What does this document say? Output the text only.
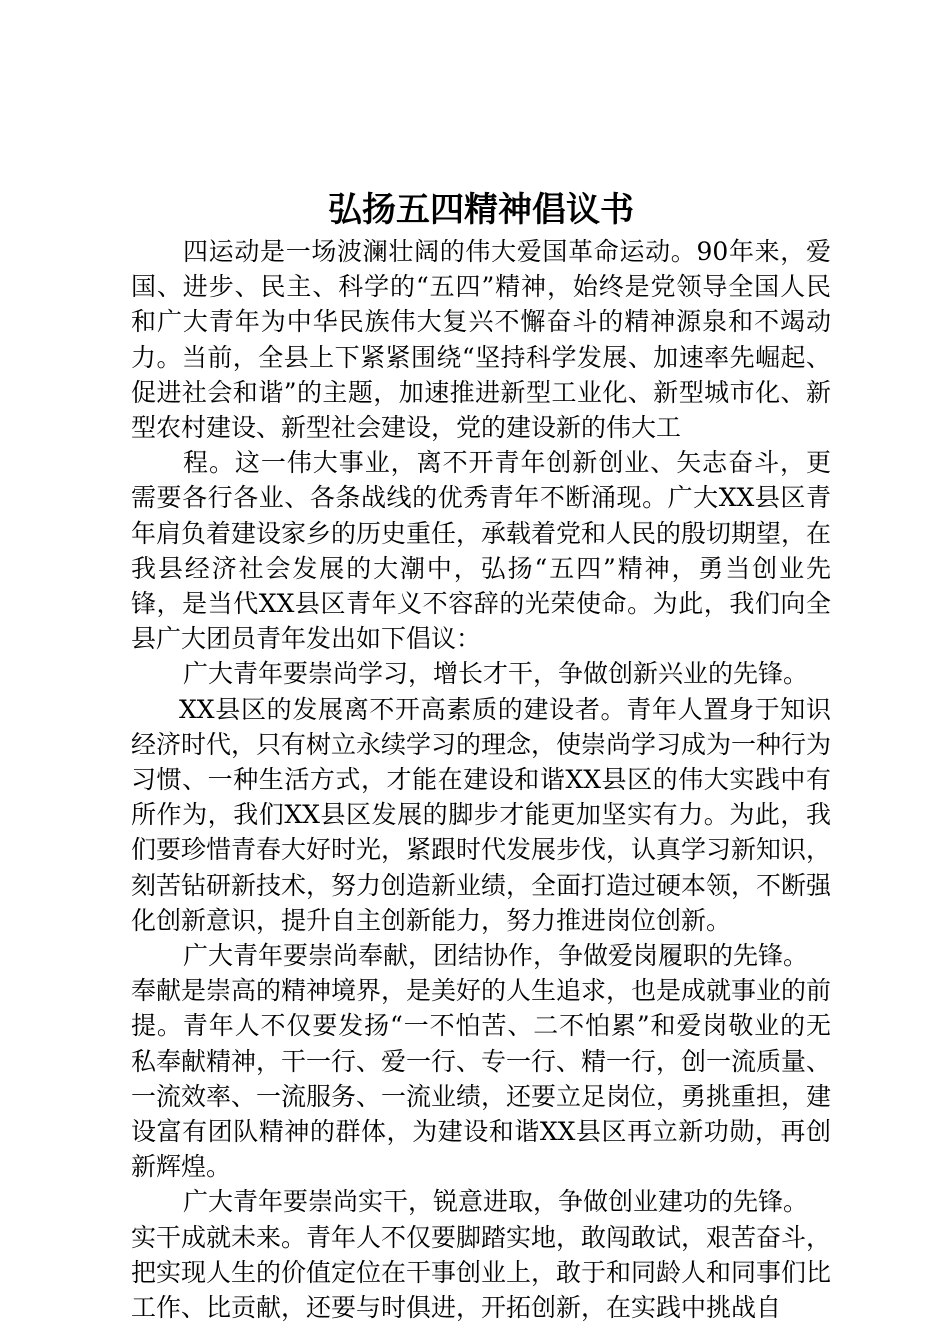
弘扬五四精神倡议书

四运动是一场波澜壮阔的伟大爱国革命运动。90年来，爱国、进步、民主、科学的“五四”精神，始终是党领导全国人民和广大青年为中华民族伟大复兴不懈奋斗的精神源泉和不竭动力。当前，全县上下紧紧围绕“坚持科学发展、加速率先崛起、促进社会和谐”的主题，加速推进新型工业化、新型城市化、新型农村建设、新型社会建设，党的建设新的伟大工

程。这一伟大事业，离不开青年创新创业、矢志奋斗，更需要各行各业、各条战线的优秀青年不断涌现。广大XX县区青年肩负着建设家乡的历史重任，承载着党和人民的殷切期望，在我县经济社会发展的大潮中，弘扬“五四”精神，勇当创业先锋，是当代XX县区青年义不容辞的光荣使命。为此，我们向全县广大团员青年发出如下倡议：

广大青年要崇尚学习，增长才干，争做创新兴业的先锋。

XX县区的发展离不开高素质的建设者。青年人置身于知识经济时代，只有树立永续学习的理念，使崇尚学习成为一种行为习惯、一种生活方式，才能在建设和谐XX县区的伟大实践中有所作为，我们XX县区发展的脚步才能更加坚实有力。为此，我们要珍惜青春大好时光，紧跟时代发展步伐，认真学习新知识，刻苦钻研新技术，努力创造新业绩，全面打造过硬本领，不断强化创新意识，提升自主创新能力，努力推进岗位创新。

广大青年要崇尚奉献，团结协作，争做爱岗履职的先锋。

奉献是崇高的精神境界，是美好的人生追求，也是成就事业的前提。青年人不仅要发扬“一不怕苦、二不怕累”和爱岗敬业的无私奉献精神，干一行、爱一行、专一行、精一行，创一流质量、一流效率、一流服务、一流业绩，还要立足岗位，勇挑重担，建设富有团队精神的群体，为建设和谐XX县区再立新功勋，再创新辉煌。

广大青年要崇尚实干，锐意进取，争做创业建功的先锋。

实干成就未来。青年人不仅要脚踏实地，敢闯敢试，艰苦奋斗，把实现人生的价值定位在干事创业上，敢于和同龄人和同事们比工作、比贡献，还要与时俱进，开拓创新，在实践中挑战自
